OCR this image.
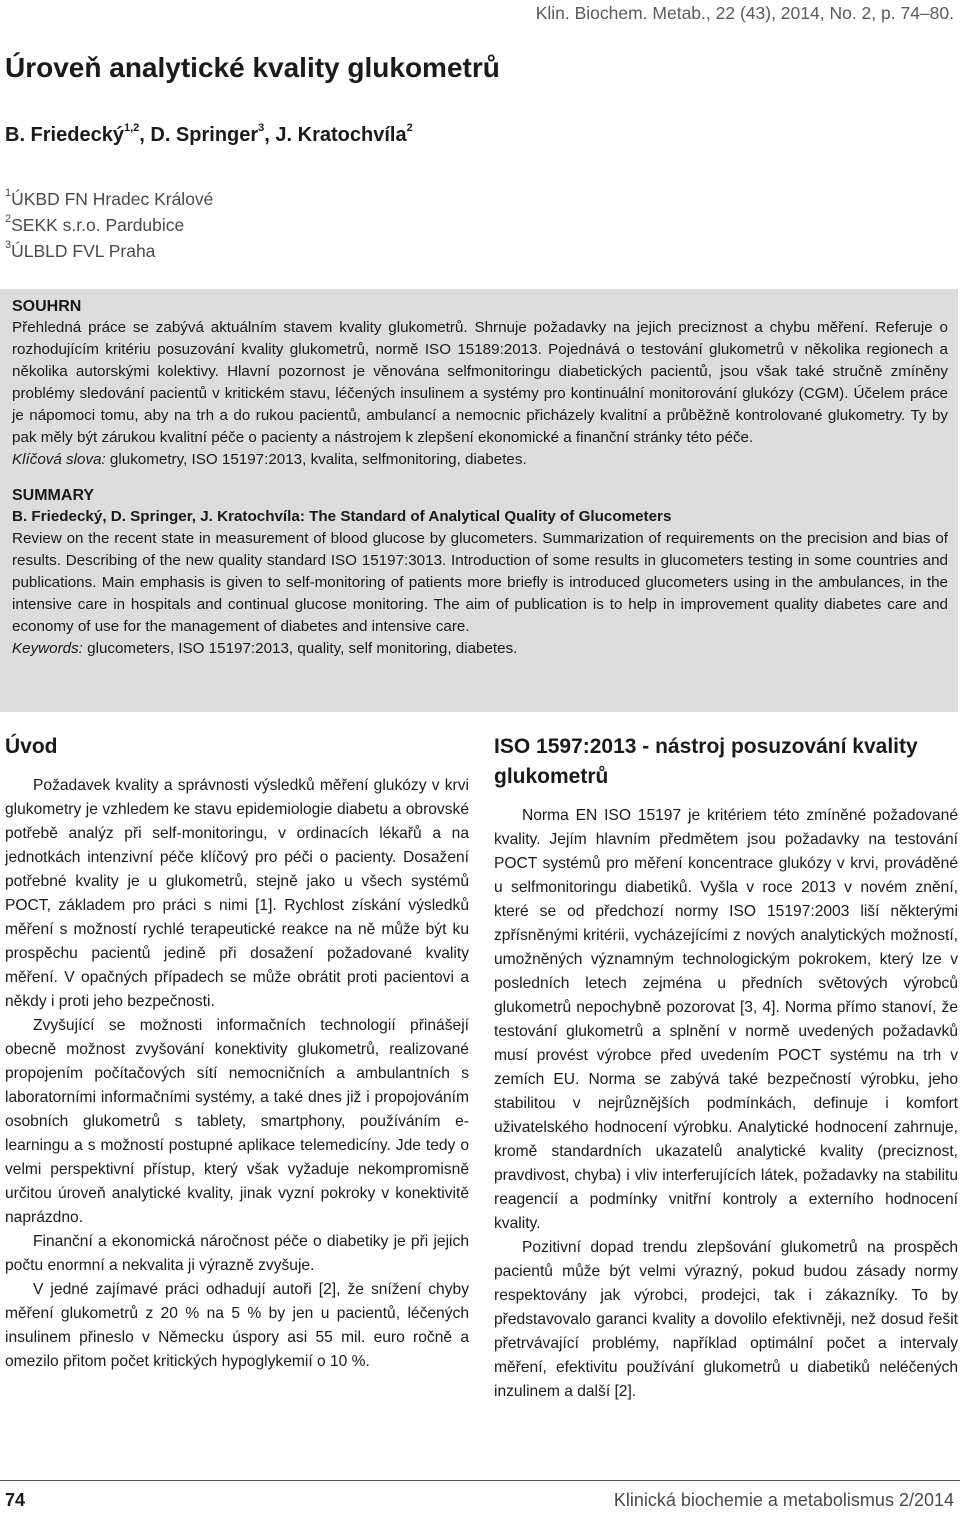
Klin. Biochem. Metab., 22 (43), 2014, No. 2, p. 74–80.
Úroveň analytické kvality glukometrů
B. Friedecký$^{1,2}$, D. Springer$^3$, J. Kratochvíla$^2$
$^1$ÚKBD FN Hradec Králové
$^2$SEKK s.r.o. Pardubice
$^3$ÚLBLD FVL Praha

SOUHRN

Přehledná práce se zabývá aktuálním stavem kvality glukometrů. Shrnuje požadavky na jejich preciznost a chybu měření. Referuje o rozhodujícím kritériu posuzování kvality glukometrů, normě ISO 15189:2013. Pojednává o testování glukometrů v několika regionech a několika autorskými kolektivy. Hlavní pozornost je věnována selfmonitoringu diabetických pacientů, jsou však také stručně zmíněny problémy sledování pacientů v kritickém stavu, léčených insulinem a systémy pro kontinuální monitorování glukózy (CGM). Účelem práce je nápomoci tomu, aby na trh a do rukou pacientů, ambulancí a nemocnic přicházely kvalitní a průběžně kontrolované glukometry. Ty by pak měly být zárukou kvalitní péče o pacienty a nástrojem k zlepšení ekonomické a finanční stránky této péče.

Klíčová slova: glukometry, ISO 15197:2013, kvalita, selfmonitoring, diabetes.

SUMMARY

B. Friedecký, D. Springer, J. Kratochvíla: The Standard of Analytical Quality of Glucometers

Review on the recent state in measurement of blood glucose by glucometers. Summarization of requirements on the precision and bias of results. Describing of the new quality standard ISO 15197:3013. Introduction of some results in glucometers testing in some countries and publications. Main emphasis is given to self-monitoring of patients more briefly is introduced glucometers using in the ambulances, in the intensive care in hospitals and continual glucose monitoring. The aim of publication is to help in improvement quality diabetes care and economy of use for the management of diabetes and intensive care.

Keywords: glucometers, ISO 15197:2013, quality, self monitoring, diabetes.

Úvod

Požadavek kvality a správnosti výsledků měření glukózy v krvi glukometry je vzhledem ke stavu epidemiologie diabetu a obrovské potřebě analýz při self-monitoringu, v ordinacích lékařů a na jednotkách intenzivní péče klíčový pro péči o pacienty. Dosažení potřebné kvality je u glukometrů, stejně jako u všech systémů POCT, základem pro práci s nimi [1]. Rychlost získání výsledků měření s možností rychlé terapeutické reakce na ně může být ku prospěchu pacientů jedině při dosažení požadované kvality měření. V opačných případech se může obrátit proti pacientovi a někdy i proti jeho bezpečnosti.

Zvyšující se možnosti informačních technologií přinášejí obecně možnost zvyšování konektivity glukometrů, realizované propojením počítačových sítí nemocničních a ambulantních s laboratorními informačními systémy, a také dnes již i propojováním osobních glukometrů s tablety, smartphony, používáním e-learningu a s možností postupné aplikace telemedicíny. Jde tedy o velmi perspektivní přístup, který však vyžaduje nekompromisně určitou úroveň analytické kvality, jinak vyzní pokroky v konektivitě naprázdno.

Finanční a ekonomická náročnost péče o diabetiky je při jejich počtu enormní a nekvalita ji výrazně zvyšuje.

V jedné zajímavé práci odhadují autoři [2], že snížení chyby měření glukometrů z 20 % na 5 % by jen u pacientů, léčených insulinem přineslo v Německu úspory asi 55 mil. euro ročně a omezilo přitom počet kritických hypoglykemií o 10 %.

ISO 1597:2013 - nástroj posuzování kvality glukometrů

Norma EN ISO 15197 je kritériem této zmíněné požadované kvality. Jejím hlavním předmětem jsou požadavky na testování POCT systémů pro měření koncentrace glukózy v krvi, prováděné u selfmonitoringu diabetiků. Vyšla v roce 2013 v novém znění, které se od předchozí normy ISO 15197:2003 liší některými zpřísněnými kritérii, vycházejícími z nových analytických možností, umožněných významným technologickým pokrokem, který lze v posledních letech zejména u předních světových výrobců glukometrů nepochybně pozorovat [3, 4]. Norma přímo stanoví, že testování glukometrů a splnění v normě uvedených požadavků musí provést výrobce před uvedením POCT systému na trh v zemích EU. Norma se zabývá také bezpečností výrobku, jeho stabilitou v nejrůznějších podmínkách, definuje i komfort uživatelského hodnocení výrobku. Analytické hodnocení zahrnuje, kromě standardních ukazatelů analytické kvality (preciznost, pravdivost, chyba) i vliv interferujících látek, požadavky na stabilitu reagencií a podmínky vnitřní kontroly a externího hodnocení kvality.

Pozitivní dopad trendu zlepšování glukometrů na prospěch pacientů může být velmi výrazný, pokud budou zásady normy respektovány jak výrobci, prodejci, tak i zákazníky. To by představovalo garanci kvality a dovolilo efektivněji, než dosud řešit přetrvávající problémy, například optimální počet a intervaly měření, efektivitu používání glukometrů u diabetiků neléčených inzulinem a další [2].

74	Klinická biochemie a metabolismus 2/2014
